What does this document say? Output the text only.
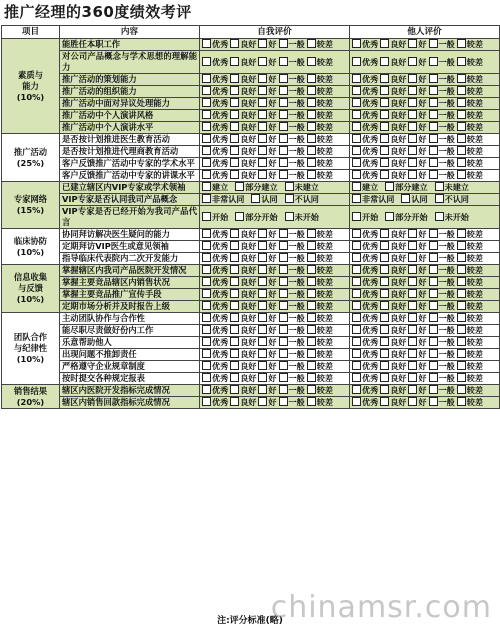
推广经理的360度绩效考评
项目	内容	自我评价	他人评价
素质与
能力
(10%)	能胜任本职工作	优秀 良好 好 一般 较差	优秀 良好 好 一般 较差
	对公司产品概念与学术思想的理解能力	优秀 良好 好 一般 较差	优秀 良好 好 一般 较差
	推广活动的策划能力	优秀 良好 好 一般 较差	优秀 良好 好 一般 较差
	推广活动的组织能力	优秀 良好 好 一般 较差	优秀 良好 好 一般 较差
	推广活动中面对异议处理能力	优秀 良好 好 一般 较差	优秀 良好 好 一般 较差
	推广活动中个人演讲风格	优秀 良好 好 一般 较差	优秀 良好 好 一般 较差
	推广活动中个人演讲水平	优秀 良好 好 一般 较差	优秀 良好 好 一般 较差
推广活动
(25%)	是否按计划推进医生教育活动	优秀 良好 好 一般 较差	优秀 良好 好 一般 较差
	是否按计划推进代理商教育活动	优秀 良好 好 一般 较差	优秀 良好 好 一般 较差
	客户反馈推广活动中专家的学术水平	优秀 良好 好 一般 较差	优秀 良好 好 一般 较差
	客户反馈推广活动中专家的讲课水平	优秀 良好 好 一般 较差	优秀 良好 好 一般 较差
专家网络
(15%)	已建立辖区内VIP专家或学术领袖	建立 部分建立 未建立	建立 部分建立 未建立
	VIP专家是否认同我司产品概念	非常认同 认同 不认同	非常认同 认同 不认同
	VIP专家是否已经开始为我司产品代言	开始 部分开始 未开始	开始 部分开始 未开始
临床协防
(10%)	协同拜访解决医生疑问的能力	优秀 良好 好 一般 较差	优秀 良好 好 一般 较差
	定期拜访VIP医生或意见领袖	优秀 良好 好 一般 较差	优秀 良好 好 一般 较差
	指导临床代表院内二次开发能力	优秀 良好 好 一般 较差	优秀 良好 好 一般 较差
信息收集
与反馈
(10%)	掌握辖区内我司产品医院开发情况	优秀 良好 好 一般 较差	优秀 良好 好 一般 较差
	掌握主要竞品辖区内销售状况	优秀 良好 好 一般 较差	优秀 良好 好 一般 较差
	掌握主要竞品推广宣传手段	优秀 良好 好 一般 较差	优秀 良好 好 一般 较差
	定期市场分析并及时报告上级	优秀 良好 好 一般 较差	优秀 良好 好 一般 较差
团队合作
与纪律性
(10%)	主动团队协作与合作性	优秀 良好 好 一般 较差	优秀 良好 好 一般 较差
	能尽职尽责做好份内工作	优秀 良好 好 一般 较差	优秀 良好 好 一般 较差
	乐意帮助他人	优秀 良好 好 一般 较差	优秀 良好 好 一般 较差
	出现问题不推卸责任	优秀 良好 好 一般 较差	优秀 良好 好 一般 较差
	严格遵守企业规章制度	优秀 良好 好 一般 较差	优秀 良好 好 一般 较差
	按时提交各种规定报表	优秀 良好 好 一般 较差	优秀 良好 好 一般 较差
销售结果
(20%)	辖区内医院开发指标完成情况	优秀 良好 好 一般 较差	优秀 良好 好 一般 较差
	辖区内销售回款指标完成情况	优秀 良好 好 一般 较差	优秀 良好 好 一般 较差
注:评分标准(略)
chinamsr.com
